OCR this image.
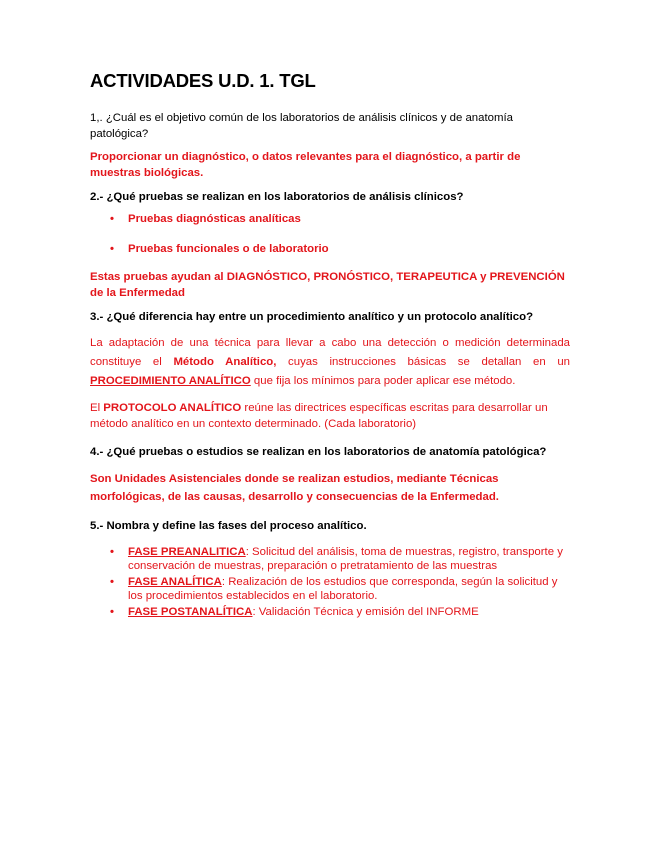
ACTIVIDADES U.D. 1. TGL

1,. ¿Cuál es el objetivo común de los laboratorios de análisis clínicos y de anatomía patológica?

Proporcionar un diagnóstico, o datos relevantes para el diagnóstico, a partir de muestras biológicas.

2.- ¿Qué pruebas se realizan en los laboratorios de análisis clínicos?

• Pruebas diagnósticas analíticas
• Pruebas funcionales o de laboratorio

Estas pruebas ayudan al DIAGNÓSTICO, PRONÓSTICO, TERAPEUTICA y PREVENCIÓN de la Enfermedad

3.- ¿Qué diferencia hay entre un procedimiento analítico y un protocolo analítico?

La adaptación de una técnica para llevar a cabo una detección o medición determinada constituye el Método Analítico, cuyas instrucciones básicas se detallan en un PROCEDIMIENTO ANALÍTICO que fija los mínimos para poder aplicar ese método.

El PROTOCOLO ANALÍTICO reúne las directrices específicas escritas para desarrollar un método analítico en un contexto determinado. (Cada laboratorio)

4.- ¿Qué pruebas o estudios se realizan en los laboratorios de anatomía patológica?

Son Unidades Asistenciales donde se realizan estudios, mediante Técnicas morfológicas, de las causas, desarrollo y consecuencias de la Enfermedad.

5.- Nombra y define las fases del proceso analítico.

• FASE PREANALITICA: Solicitud del análisis, toma de muestras, registro, transporte y conservación de muestras, preparación o pretratamiento de las muestras
• FASE ANALÍTICA: Realización de los estudios que corresponda, según la solicitud y los procedimientos establecidos en el laboratorio.
• FASE POSTANALÍTICA: Validación Técnica y emisión del INFORME
